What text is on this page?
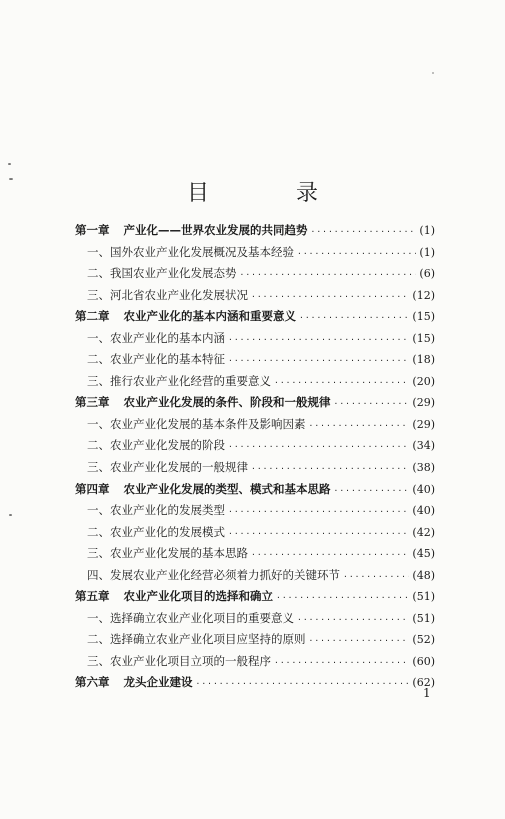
目 录
第一章 产业化——世界农业发展的共同趋势 ·····	(1)
一、 国外农业产业化发展概况及基本经验 ·····	(1)
二、 我国农业产业化发展态势 ·····	(6)
三、 河北省农业产业化发展状况 ·····	(12)
第二章 农业产业化的基本内涵和重要意义 ·····	(15)
一、 农业产业化的基本内涵 ·····	(15)
二、 农业产业化的基本特征 ·····	(18)
三、 推行农业产业化经营的重要意义 ·····	(20)
第三章 农业产业化发展的条件、阶段和一般规律 ·····	(29)
一、 农业产业化发展的基本条件及影响因素 ·····	(29)
二、 农业产业化发展的阶段 ·····	(34)
三、 农业产业化发展的一般规律 ·····	(38)
第四章 农业产业化发展的类型、模式和基本思路 ·····	(40)
一、 农业产业化的发展类型 ·····	(40)
二、 农业产业化的发展模式 ·····	(42)
三、 农业产业化发展的基本思路 ·····	(45)
四、 发展农业产业化经营必须着力抓好的关键环节 ·····	(48)
第五章 农业产业化项目的选择和确立 ·····	(51)
一、 选择确立农业产业化项目的重要意义 ·····	(51)
二、 选择确立农业产业化项目应坚持的原则 ·····	(52)
三、 农业产业化项目立项的一般程序 ·····	(60)
第六章 龙头企业建设 ·····	(62)
1
